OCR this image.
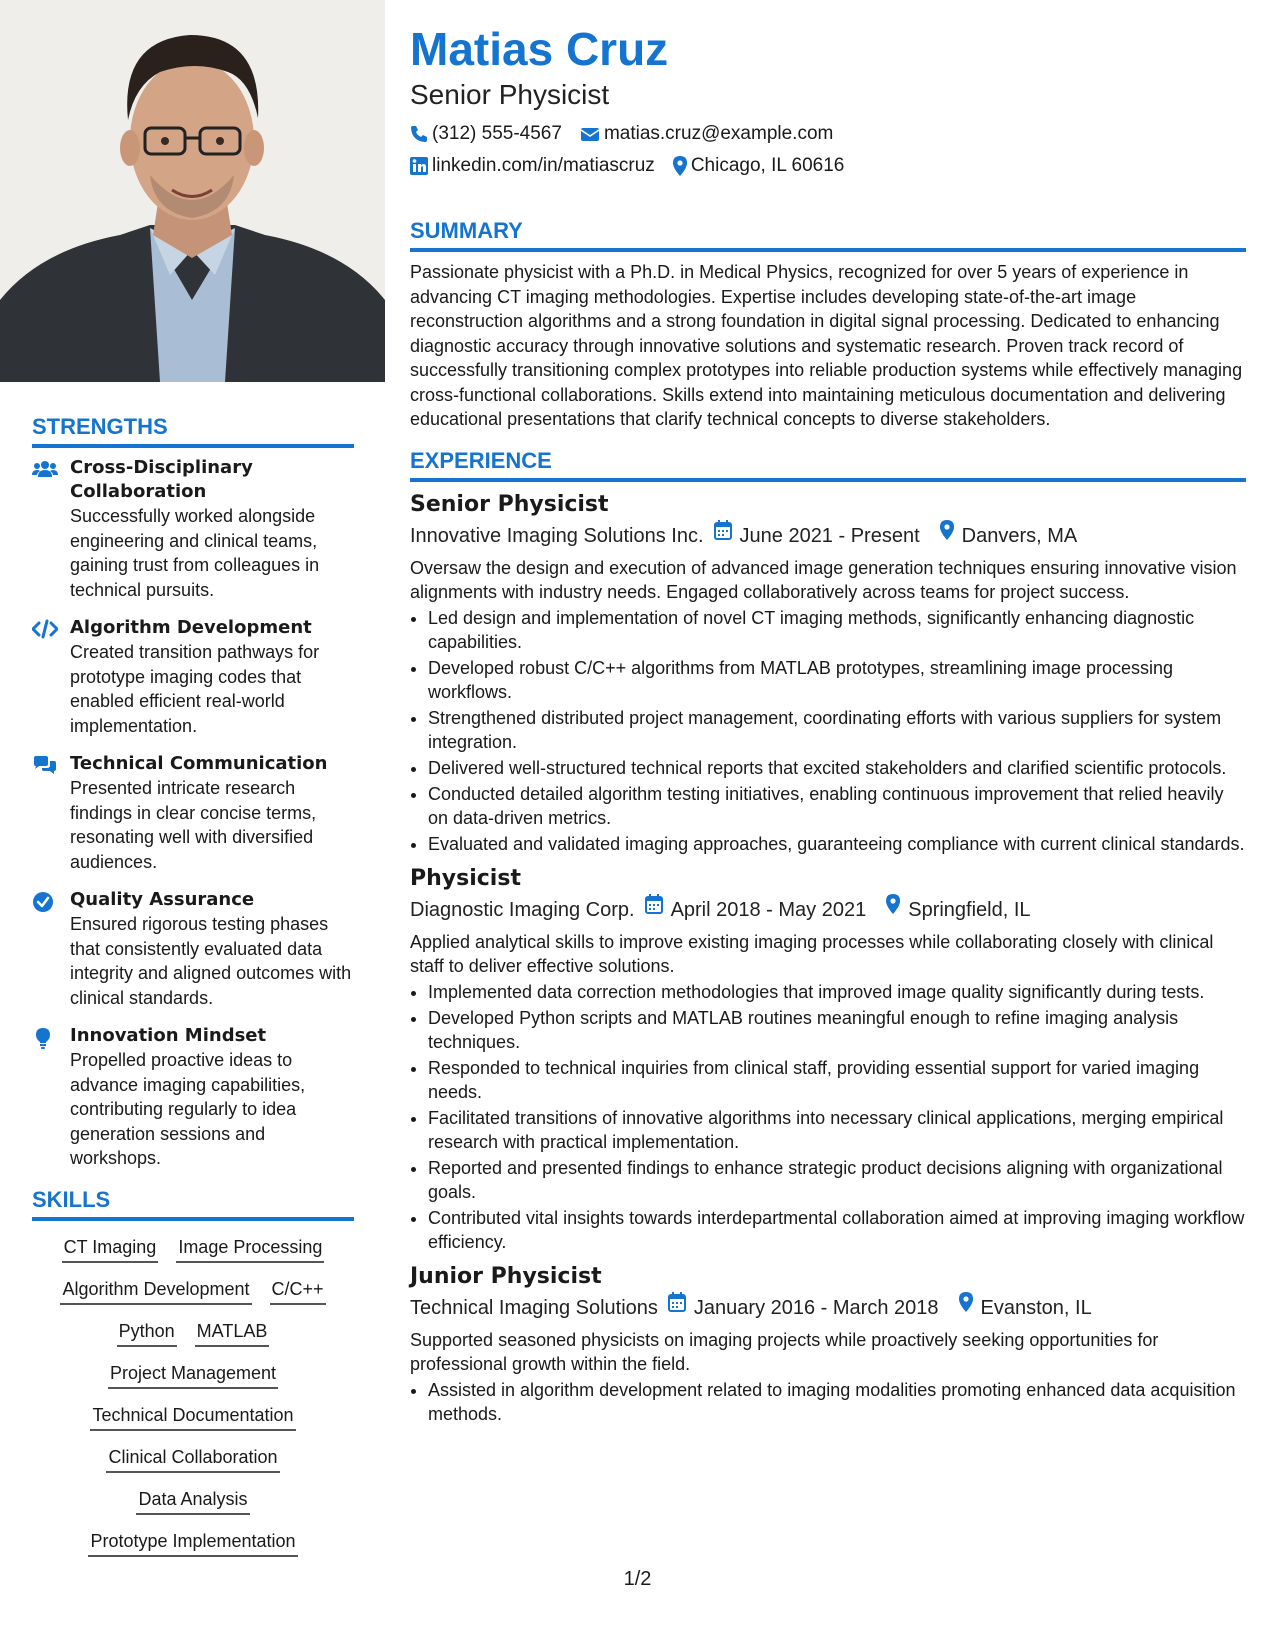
STRENGTHS
Cross-Disciplinary Collaboration
Successfully worked alongside engineering and clinical teams, gaining trust from colleagues in technical pursuits.
Algorithm Development
Created transition pathways for prototype imaging codes that enabled efficient real-world implementation.
Technical Communication
Presented intricate research findings in clear concise terms, resonating well with diversified audiences.
Quality Assurance
Ensured rigorous testing phases that consistently evaluated data integrity and aligned outcomes with clinical standards.
Innovation Mindset
Propelled proactive ideas to advance imaging capabilities, contributing regularly to idea generation sessions and workshops.
SKILLS
CT Imaging Image Processing
Algorithm Development C/C++
Python MATLAB
Project Management
Technical Documentation
Clinical Collaboration
Data Analysis
Prototype Implementation
Matias Cruz
Senior Physicist
(312) 555-4567 matias.cruz@example.com
linkedin.com/in/matiascruz Chicago, IL 60616
SUMMARY

Passionate physicist with a Ph.D. in Medical Physics, recognized for over 5 years of experience in advancing CT imaging methodologies. Expertise includes developing state-of-the-art image reconstruction algorithms and a strong foundation in digital signal processing. Dedicated to enhancing diagnostic accuracy through innovative solutions and systematic research. Proven track record of successfully transitioning complex prototypes into reliable production systems while effectively managing cross-functional collaborations. Skills extend into maintaining meticulous documentation and delivering educational presentations that clarify technical concepts to diverse stakeholders.

EXPERIENCE
Senior Physicist
Innovative Imaging Solutions Inc. June 2021 - Present Danvers, MA
Oversaw the design and execution of advanced image generation techniques ensuring innovative vision alignments with industry needs. Engaged collaboratively across teams for project success.
• Led design and implementation of novel CT imaging methods, significantly enhancing diagnostic capabilities.
• Developed robust C/C++ algorithms from MATLAB prototypes, streamlining image processing workflows.
• Strengthened distributed project management, coordinating efforts with various suppliers for system integration.
• Delivered well-structured technical reports that excited stakeholders and clarified scientific protocols.
• Conducted detailed algorithm testing initiatives, enabling continuous improvement that relied heavily on data-driven metrics.
• Evaluated and validated imaging approaches, guaranteeing compliance with current clinical standards.
Physicist
Diagnostic Imaging Corp. April 2018 - May 2021 Springfield, IL
Applied analytical skills to improve existing imaging processes while collaborating closely with clinical staff to deliver effective solutions.
• Implemented data correction methodologies that improved image quality significantly during tests.
• Developed Python scripts and MATLAB routines meaningful enough to refine imaging analysis techniques.
• Responded to technical inquiries from clinical staff, providing essential support for varied imaging needs.
• Facilitated transitions of innovative algorithms into necessary clinical applications, merging empirical research with practical implementation.
• Reported and presented findings to enhance strategic product decisions aligning with organizational goals.
• Contributed vital insights towards interdepartmental collaboration aimed at improving imaging workflow efficiency.
Junior Physicist
Technical Imaging Solutions January 2016 - March 2018 Evanston, IL
Supported seasoned physicists on imaging projects while proactively seeking opportunities for professional growth within the field.
• Assisted in algorithm development related to imaging modalities promoting enhanced data acquisition methods.
1/2
